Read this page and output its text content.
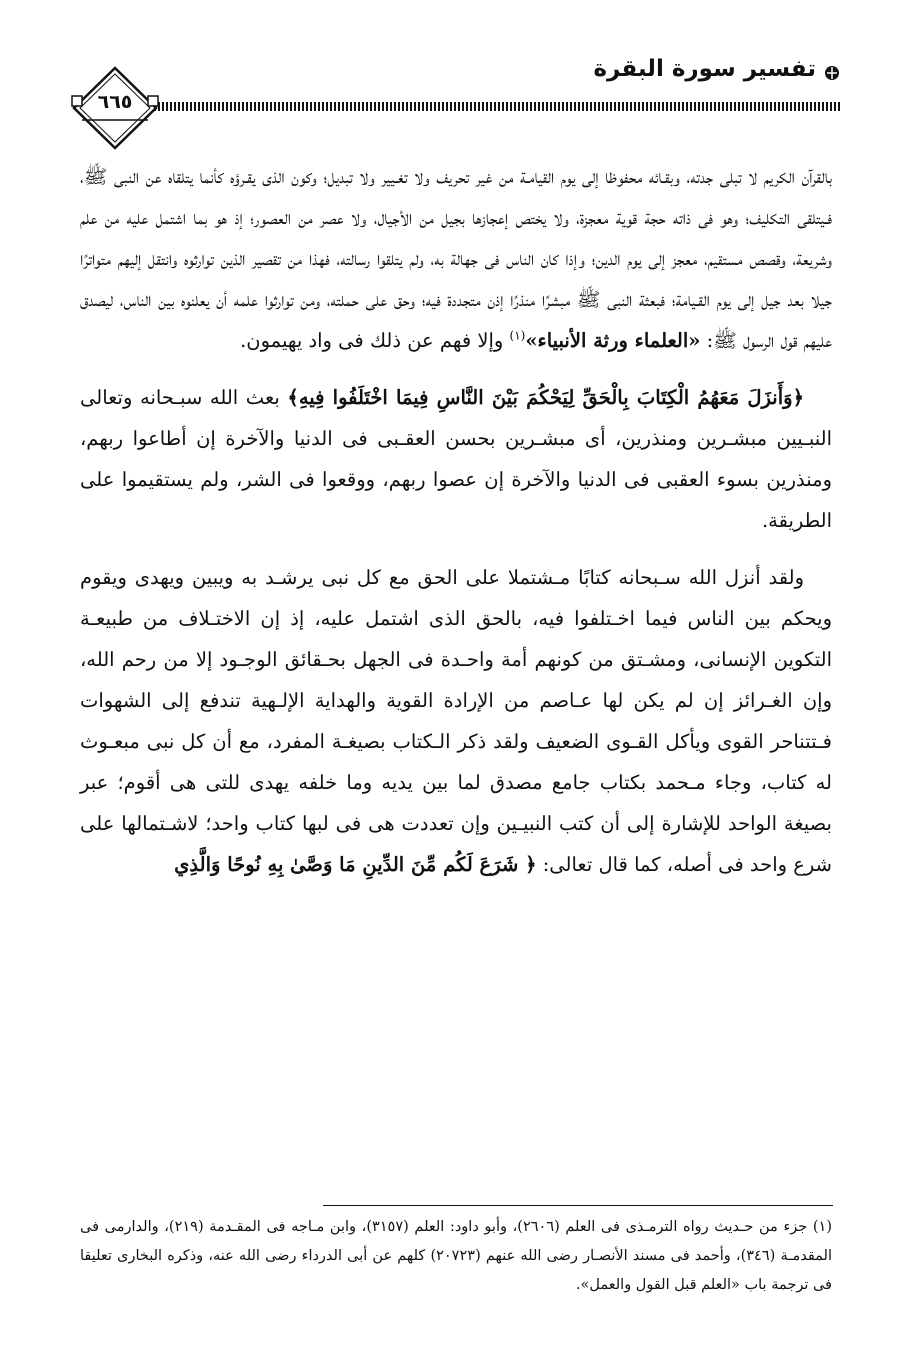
تفسير سورة البقرة
٦٦٥

بالقرآن الكريم لا تبلى جدته، وبقـائه محفوظا إلى يوم القيامـة من غير تحريف ولا تغـيير ولا تبديل؛ وكون الذى يقـرؤه كأنما يتلقاه عن النبى ﷺ، فـيتلقى التكليف؛ وهو فى ذاته حجة قوية معجزة، ولا يختص إعجازها بجيل من الأجيال، ولا عصر من العصور؛ إذ هو بما اشتمل عليه من علم وشريعة، وقصص مستقيم، معجز إلى يوم الدين؛ وإذا كان الناس فى جهالة به، ولم يتلقوا رسالته، فهذا من تقصير الذين توارثوه وانتقل إليهم متواترًا جيلا بعد جيل إلى يوم القـيامة؛ فبعثة النبى ﷺ مبشرًا منذرًا إذن متجددة فيه؛ وحق على حملته، ومن توارثوا علمه أن يعلنوه بين الناس، ليصدق عليهم قول الرسول ﷺ: «العلماء ورثة الأنبياء»$^{(١)}$ وإلا فهم عن ذلك فى واد يهيمون.

﴿وَأَنزَلَ مَعَهُمُ الْكِتَابَ بِالْحَقِّ لِيَحْكُمَ بَيْنَ النَّاسِ فِيمَا اخْتَلَفُوا فِيهِ﴾ بعث الله سبـحانه وتعالى النبـيين مبشـرين ومنذرين، أى مبشـرين بحسن العقـبى فى الدنيا والآخرة إن أطاعوا ربهم، ومنذرين بسوء العقبى فى الدنيا والآخرة إن عصوا ربهم، ووقعوا فى الشر، ولم يستقيموا على الطريقة.

ولقد أنزل الله سـبحانه كتابًا مـشتملا على الحق مع كل نبى يرشـد به ويبين ويهدى ويقوم ويحكم بين الناس فيما اخـتلفوا فيه، بالحق الذى اشتمل عليه، إذ إن الاختـلاف من طبيعـة التكوين الإنسانى، ومشـتق من كونهم أمة واحـدة فى الجهل بحـقائق الوجـود إلا من رحم الله، وإن الغـرائز إن لم يكن لها عـاصم من الإرادة القوية والهداية الإلـهية تندفع إلى الشهوات فـتتناحر القوى ويأكل القـوى الضعيف ولقد ذكر الـكتاب بصيغـة المفرد، مع أن كل نبى مبعـوث له كتاب، وجاء مـحمد بكتاب جامع مصدق لما بين يديه وما خلفه يهدى للتى هى أقوم؛ عبر بصيغة الواحد للإشارة إلى أن كتب النبيـين وإن تعددت هى فى لبها كتاب واحد؛ لاشـتمالها على شرع واحد فى أصله، كما قال تعالى: ﴿ شَرَعَ لَكُم مِّنَ الدِّينِ مَا وَصَّىٰ بِهِ نُوحًا وَالَّذِي

(١) جزء من حـديث رواه الترمـذى فى العلم (٢٦٠٦)، وأبو داود: العلم (٣١٥٧)، وابن مـاجه فى المقـدمة (٢١٩)، والدارمى فى المقدمـة (٣٤٦)، وأحمد فى مسند الأنصـار رضى الله عنهم (٢٠٧٢٣) كلهم عن أبى الدرداء رضى الله عنه، وذكره البخارى تعليقا فى ترجمة باب «العلم قبل القول والعمل».
